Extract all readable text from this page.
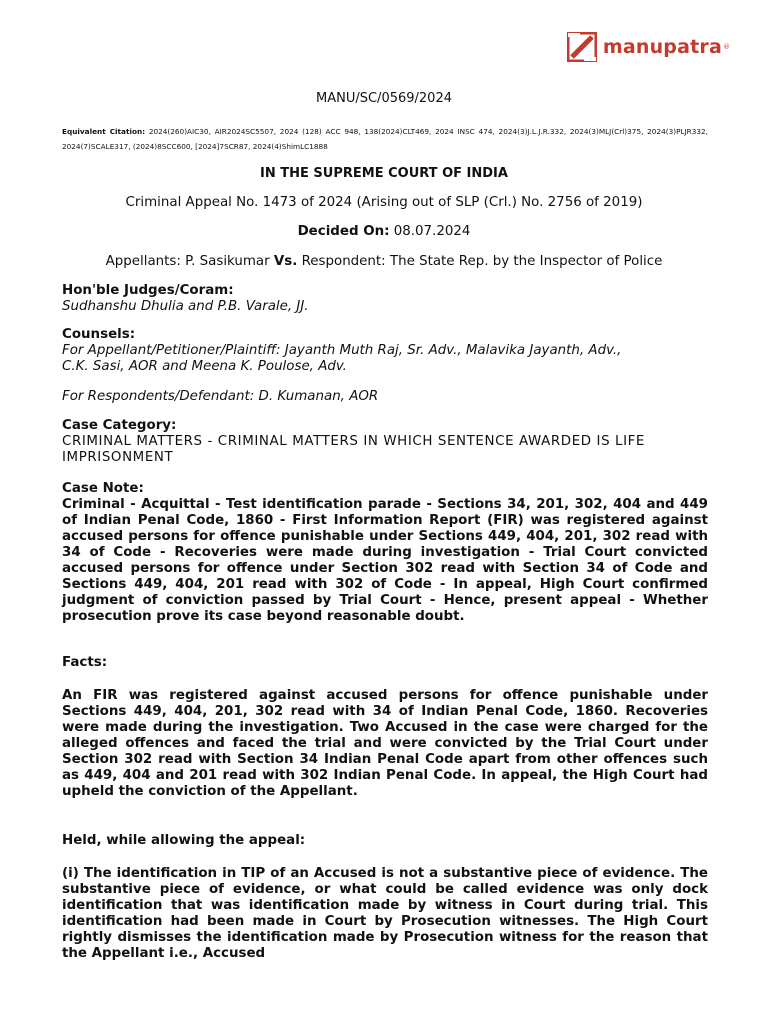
manupatra ®
MANU/SC/0569/2024
Equivalent Citation: 2024(260)AIC30, AIR2024SC5507, 2024 (128) ACC 948, 138(2024)CLT469, 2024 INSC 474, 2024(3)J.L.J.R.332, 2024(3)MLJ(Crl)375, 2024(3)PLJR332, 2024(7)SCALE317, (2024)8SCC600, [2024]7SCR87, 2024(4)ShimLC1888
IN THE SUPREME COURT OF INDIA
Criminal Appeal No. 1473 of 2024 (Arising out of SLP (Crl.) No. 2756 of 2019)
Decided On: 08.07.2024
Appellants: P. Sasikumar Vs. Respondent: The State Rep. by the Inspector of Police
Hon'ble Judges/Coram:
Sudhanshu Dhulia and P.B. Varale, JJ.
Counsels:
For Appellant/Petitioner/Plaintiff: Jayanth Muth Raj, Sr. Adv., Malavika Jayanth, Adv.,
C.K. Sasi, AOR and Meena K. Poulose, Adv.
For Respondents/Defendant: D. Kumanan, AOR
Case Category:
CRIMINAL MATTERS - CRIMINAL MATTERS IN WHICH SENTENCE AWARDED IS LIFE
IMPRISONMENT
Case Note:
Criminal - Acquittal - Test identification parade - Sections 34, 201, 302, 404 and 449 of Indian Penal Code, 1860 - First Information Report (FIR) was registered against accused persons for offence punishable under Sections 449, 404, 201, 302 read with 34 of Code - Recoveries were made during investigation - Trial Court convicted accused persons for offence under Section 302 read with Section 34 of Code and Sections 449, 404, 201 read with 302 of Code - In appeal, High Court confirmed judgment of conviction passed by Trial Court - Hence, present appeal - Whether prosecution prove its case beyond reasonable doubt.
Facts:
An FIR was registered against accused persons for offence punishable under Sections 449, 404, 201, 302 read with 34 of Indian Penal Code, 1860. Recoveries were made during the investigation. Two Accused in the case were charged for the alleged offences and faced the trial and were convicted by the Trial Court under Section 302 read with Section 34 Indian Penal Code apart from other offences such as 449, 404 and 201 read with 302 Indian Penal Code. In appeal, the High Court had upheld the conviction of the Appellant.
Held, while allowing the appeal:
(i) The identification in TIP of an Accused is not a substantive piece of evidence. The substantive piece of evidence, or what could be called evidence was only dock identification that was identification made by witness in Court during trial. This identification had been made in Court by Prosecution witnesses. The High Court rightly dismisses the identification made by Prosecution witness for the reason that the Appellant i.e., Accused
